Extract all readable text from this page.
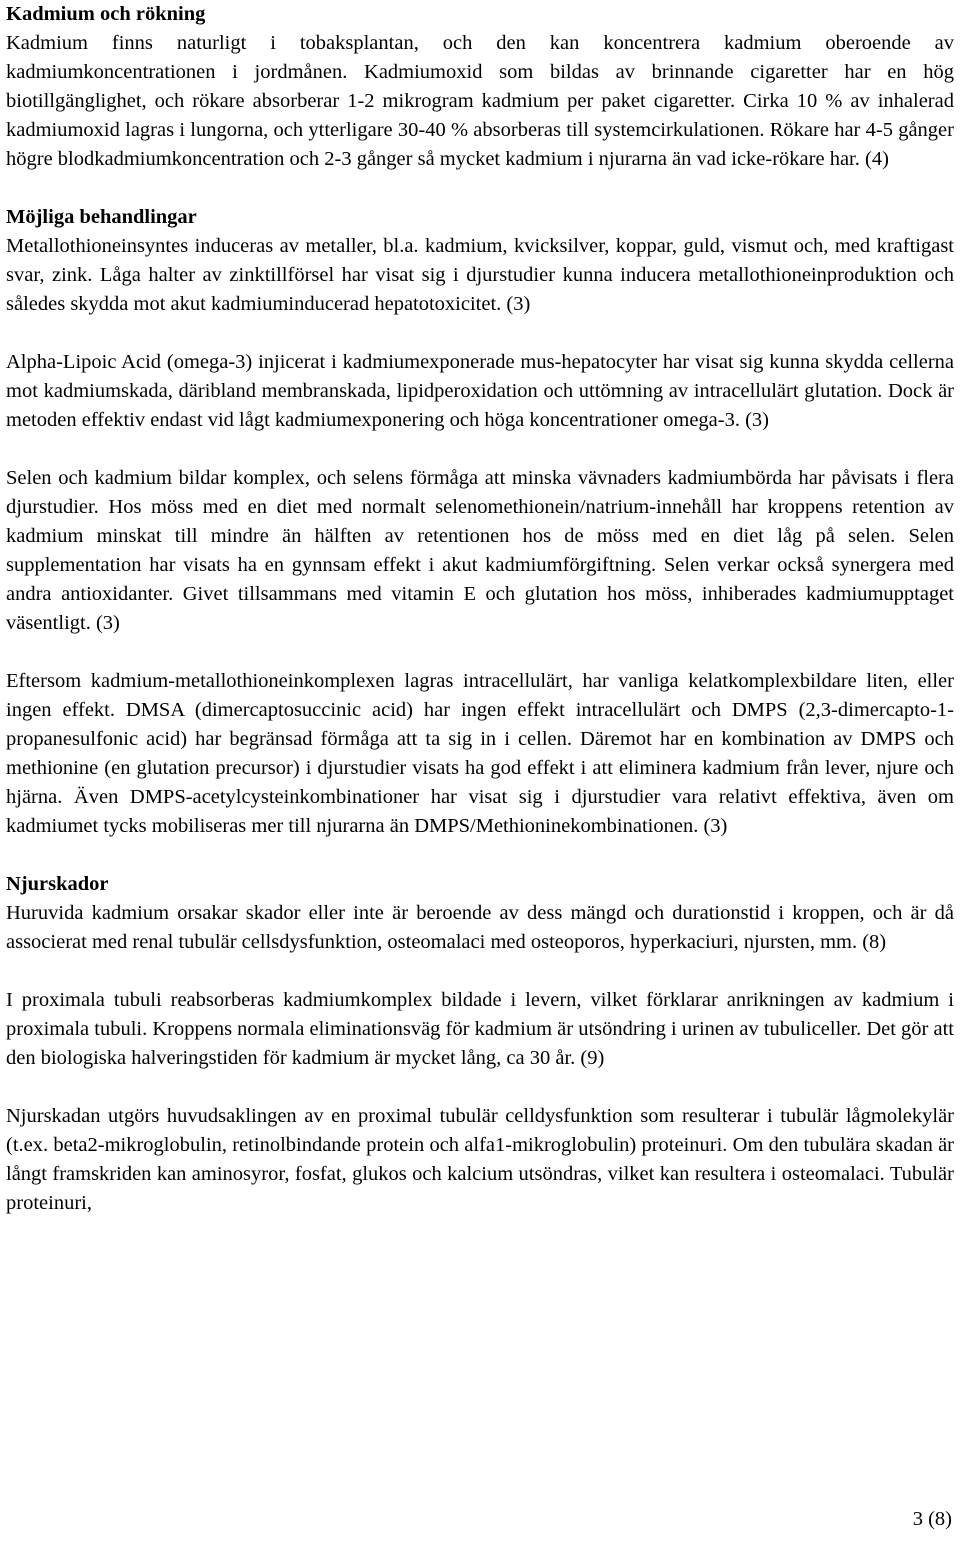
Kadmium och rökning

Kadmium finns naturligt i tobaksplantan, och den kan koncentrera kadmium oberoende av kadmiumkoncentrationen i jordmånen. Kadmiumoxid som bildas av brinnande cigaretter har en hög biotillgänglighet, och rökare absorberar 1-2 mikrogram kadmium per paket cigaretter. Cirka 10 % av inhalerad kadmiumoxid lagras i lungorna, och ytterligare 30-40 % absorberas till systemcirkulationen. Rökare har 4-5 gånger högre blodkadmiumkoncentration och 2-3 gånger så mycket kadmium i njurarna än vad icke-rökare har. (4)

Möjliga behandlingar

Metallothioneinsyntes induceras av metaller, bl.a. kadmium, kvicksilver, koppar, guld, vismut och, med kraftigast svar, zink. Låga halter av zinktillförsel har visat sig i djurstudier kunna inducera metallothioneinproduktion och således skydda mot akut kadmiuminducerad hepatotoxicitet. (3)

Alpha-Lipoic Acid (omega-3) injicerat i kadmiumexponerade mus-hepatocyter har visat sig kunna skydda cellerna mot kadmiumskada, däribland membranskada, lipidperoxidation och uttömning av intracellulärt glutation. Dock är metoden effektiv endast vid lågt kadmiumexponering och höga koncentrationer omega-3. (3)

Selen och kadmium bildar komplex, och selens förmåga att minska vävnaders kadmiumbörda har påvisats i flera djurstudier. Hos möss med en diet med normalt selenomethionein/natrium-innehåll har kroppens retention av kadmium minskat till mindre än hälften av retentionen hos de möss med en diet låg på selen. Selen supplementation har visats ha en gynnsam effekt i akut kadmiumförgiftning. Selen verkar också synergera med andra antioxidanter. Givet tillsammans med vitamin E och glutation hos möss, inhiberades kadmiumupptaget väsentligt. (3)

Eftersom kadmium-metallothioneinkomplexen lagras intracellulärt, har vanliga kelatkomplexbildare liten, eller ingen effekt. DMSA (dimercaptosuccinic acid) har ingen effekt intracellulärt och DMPS (2,3-dimercapto-1-propanesulfonic acid) har begränsad förmåga att ta sig in i cellen. Däremot har en kombination av DMPS och methionine (en glutation precursor) i djurstudier visats ha god effekt i att eliminera kadmium från lever, njure och hjärna. Även DMPS-acetylcysteinkombinationer har visat sig i djurstudier vara relativt effektiva, även om kadmiumet tycks mobiliseras mer till njurarna än DMPS/Methioninekombinationen. (3)

Njurskador

Huruvida kadmium orsakar skador eller inte är beroende av dess mängd och durationstid i kroppen, och är då associerat med renal tubulär cellsdysfunktion, osteomalaci med osteoporos, hyperkaciuri, njursten, mm. (8)

I proximala tubuli reabsorberas kadmiumkomplex bildade i levern, vilket förklarar anrikningen av kadmium i proximala tubuli. Kroppens normala eliminationsväg för kadmium är utsöndring i urinen av tubuliceller. Det gör att den biologiska halveringstiden för kadmium är mycket lång, ca 30 år. (9)

Njurskadan utgörs huvudsaklingen av en proximal tubulär celldysfunktion som resulterar i tubulär lågmolekylär (t.ex. beta2-mikroglobulin, retinolbindande protein och alfa1-mikroglobulin) proteinuri. Om den tubulära skadan är långt framskriden kan aminosyror, fosfat, glukos och kalcium utsöndras, vilket kan resultera i osteomalaci. Tubulär proteinuri,

3 (8)
